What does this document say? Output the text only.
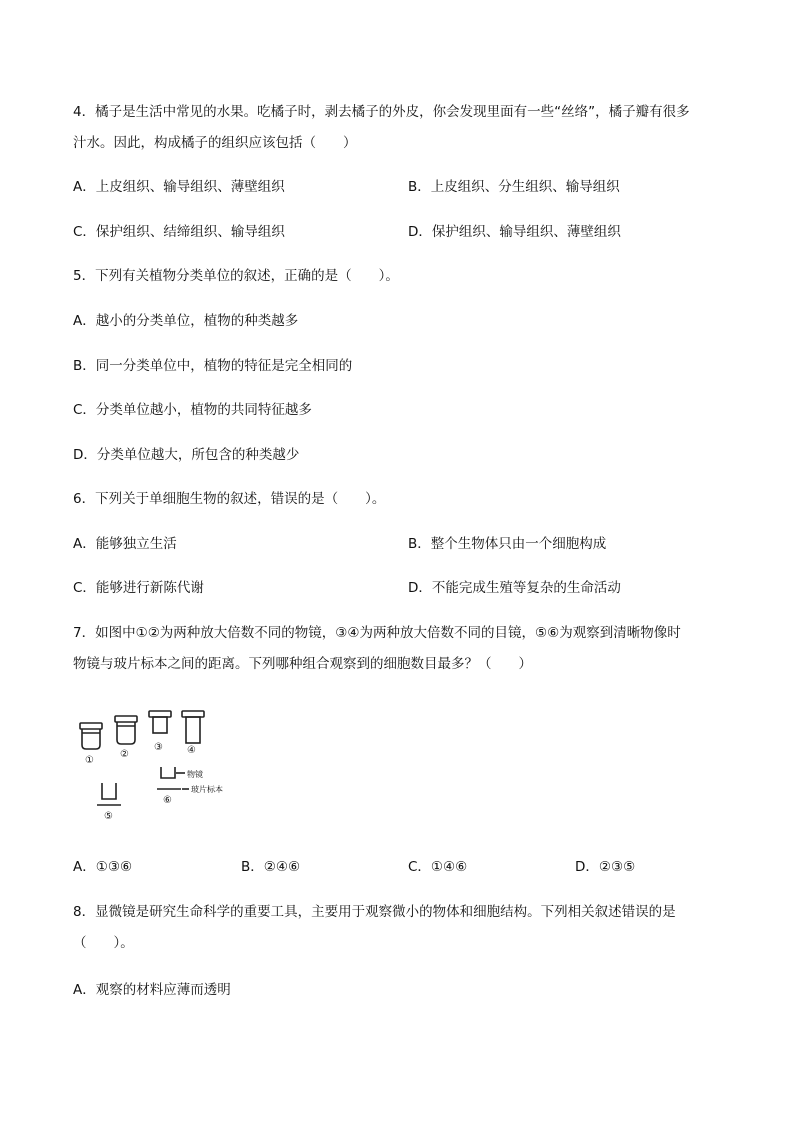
4．橘子是生活中常见的水果。吃橘子时，剥去橘子的外皮，你会发现里面有一些“丝络”，橘子瓣有很多
汁水。因此，构成橘子的组织应该包括（　　）
A．上皮组织、输导组织、薄壁组织	B．上皮组织、分生组织、输导组织
C．保护组织、结缔组织、输导组织	D．保护组织、输导组织、薄壁组织
5．下列有关植物分类单位的叙述，正确的是（　　）。
A．越小的分类单位，植物的种类越多
B．同一分类单位中，植物的特征是完全相同的
C．分类单位越小，植物的共同特征越多
D．分类单位越大，所包含的种类越少
6．下列关于单细胞生物的叙述，错误的是（　　）。
A．能够独立生活	B．整个生物体只由一个细胞构成
C．能够进行新陈代谢	D．不能完成生殖等复杂的生命活动
7．如图中①②为两种放大倍数不同的物镜，③④为两种放大倍数不同的目镜，⑤⑥为观察到清晰物像时
物镜与玻片标本之间的距离。下列哪种组合观察到的细胞数目最多？（　　）
①
②
③ ④
⑤
⑥
物镜
玻片标本
A．①③⑥	B．②④⑥	C．①④⑥	D．②③⑤
8．显微镜是研究生命科学的重要工具，主要用于观察微小的物体和细胞结构。下列相关叙述错误的是
（　　）。
A．观察的材料应薄而透明
